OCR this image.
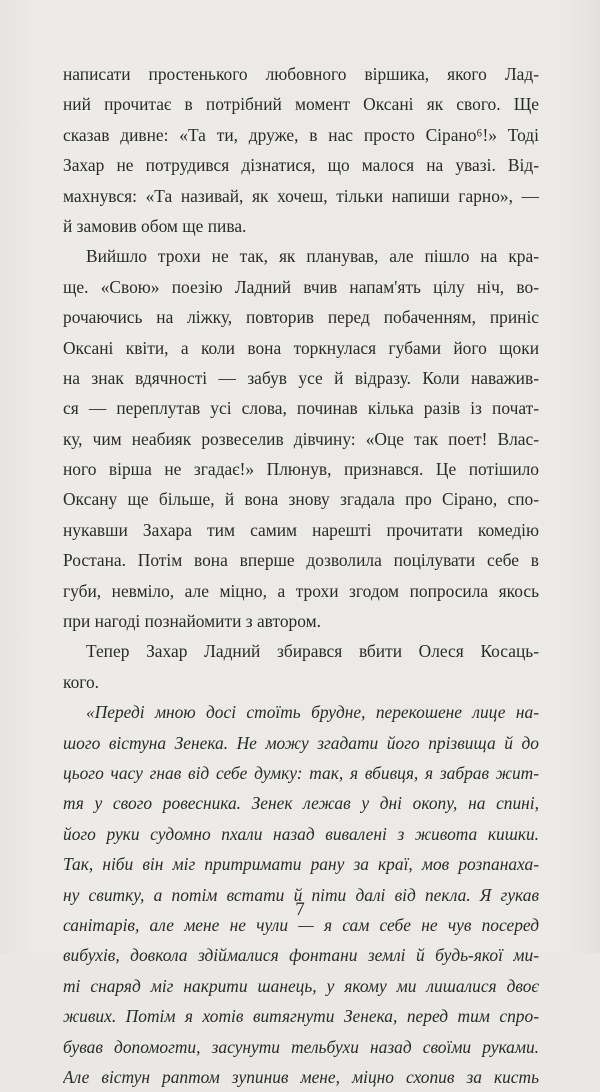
написати простенького любовного віршика, якого Лад-
ний прочитає в потрібний момент Оксані як свого. Ще
сказав дивне: «Та ти, друже, в нас просто Сірано⁶!» Тоді
Захар не потрудився дізнатися, що малося на увазі. Від-
махнувся: «Та називай, як хочеш, тільки напиши гарно», —
й замовив обом ще пива.
Вийшло трохи не так, як планував, але пішло на кра-
ще. «Свою» поезію Ладний вчив напам'ять цілу ніч, во-
рочаючись на ліжку, повторив перед побаченням, приніс
Оксані квіти, а коли вона торкнулася губами його щоки
на знак вдячності — забув усе й відразу. Коли наважив-
ся — переплутав усі слова, починав кілька разів із почат-
ку, чим неабияк розвеселив дівчину: «Оце так поет! Влас-
ного вірша не згадає!» Плюнув, признався. Це потішило
Оксану ще більше, й вона знову згадала про Сірано, спо-
нукавши Захара тим самим нарешті прочитати комедію
Ростана. Потім вона вперше дозволила поцілувати себе в
губи, невміло, але міцно, а трохи згодом попросила якось
при нагоді познайомити з автором.
Тепер Захар Ладний збирався вбити Олеся Косаць-
кого.
«Переді мною досі стоїть брудне, перекошене лице на-
шого вістуна Зенека. Не можу згадати його прізвища й до
цього часу гнав від себе думку: так, я вбивця, я забрав жит-
тя у свого ровесника. Зенек лежав у дні окопу, на спині,
його руки судомно пхали назад вивалені з живота кишки.
Так, ніби він міг притримати рану за краї, мов розпанаха-
ну свитку, а потім встати й піти далі від пекла. Я гукав
санітарів, але мене не чули — я сам себе не чув посеред
вибухів, довкола здіймалися фонтани землі й будь-якої ми-
ті снаряд міг накрити шанець, у якому ми лишалися двоє
живих. Потім я хотів витягнути Зенека, перед тим спро-
бував допомогти, засунути тельбухи назад своїми руками.
Але вістун раптом зупинив мене, міцно схопив за кисть
7
